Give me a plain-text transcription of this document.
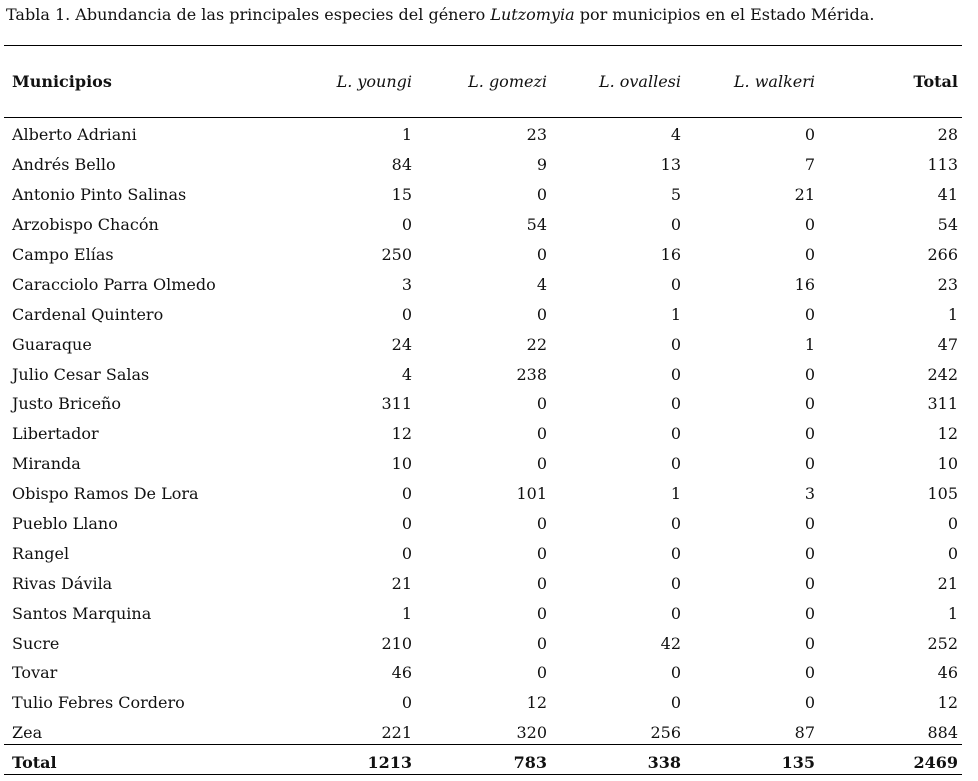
Tabla 1. Abundancia de las principales especies del género Lutzomyia por municipios en el Estado Mérida.
Municipios	L. youngi	L. gomezi	L. ovallesi	L. walkeri	Total
Alberto Adriani	1	23	4	0	28
Andrés Bello	84	9	13	7	113
Antonio Pinto Salinas	15	0	5	21	41
Arzobispo Chacón	0	54	0	0	54
Campo Elías	250	0	16	0	266
Caracciolo Parra Olmedo	3	4	0	16	23
Cardenal Quintero	0	0	1	0	1
Guaraque	24	22	0	1	47
Julio Cesar Salas	4	238	0	0	242
Justo Briceño	311	0	0	0	311
Libertador	12	0	0	0	12
Miranda	10	0	0	0	10
Obispo Ramos De Lora	0	101	1	3	105
Pueblo Llano	0	0	0	0	0
Rangel	0	0	0	0	0
Rivas Dávila	21	0	0	0	21
Santos Marquina	1	0	0	0	1
Sucre	210	0	42	0	252
Tovar	46	0	0	0	46
Tulio Febres Cordero	0	12	0	0	12
Zea	221	320	256	87	884
Total	1213	783	338	135	2469
